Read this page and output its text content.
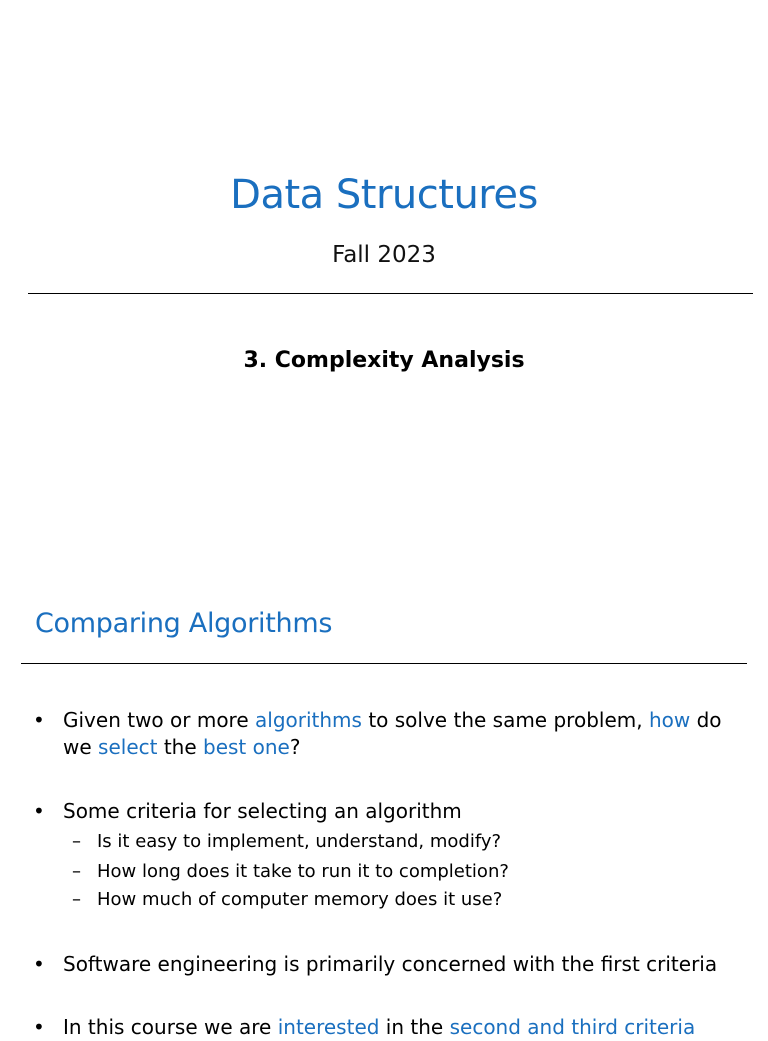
Data Structures
Fall 2023
3. Complexity Analysis
Comparing Algorithms
• Given two or more algorithms to solve the same problem, how do we select the best one?
• Some criteria for selecting an algorithm
– Is it easy to implement, understand, modify?
– How long does it take to run it to completion?
– How much of computer memory does it use?
• Software engineering is primarily concerned with the first criteria
• In this course we are interested in the second and third criteria
